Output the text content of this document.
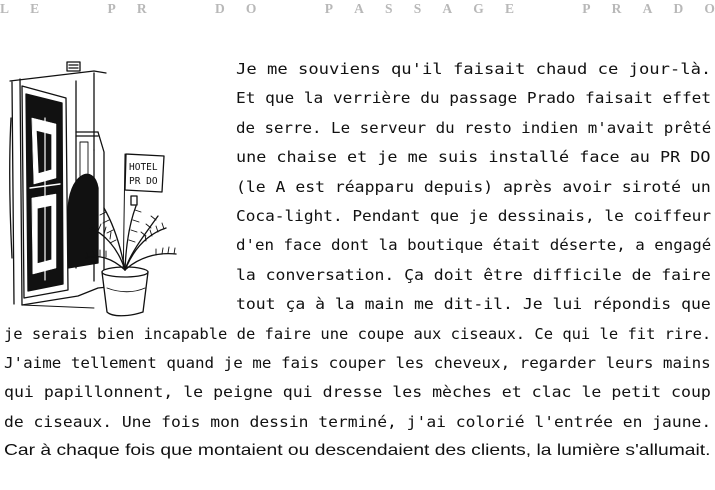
L E	P R	D O	P A S S A G E	P R A D O
HOTEL
PR DO
Je me souviens qu'il faisait chaud ce jour-là.
Et que la verrière du passage Prado faisait effet
de serre. Le serveur du resto indien m'avait prêté
une chaise et je me suis installé face au PR DO
(le A est réapparu depuis) après avoir siroté un
Coca-light. Pendant que je dessinais, le coiffeur
d'en face dont la boutique était déserte, a engagé
la conversation. Ça doit être difficile de faire
tout ça à la main me dit-il. Je lui répondis que
je serais bien incapable de faire une coupe aux ciseaux. Ce qui le fit rire.
J'aime tellement quand je me fais couper les cheveux, regarder leurs mains
qui papillonnent, le peigne qui dresse les mèches et clac le petit coup
de ciseaux. Une fois mon dessin terminé, j'ai colorié l'entrée en jaune.
Car à chaque fois que montaient ou descendaient des clients, la lumière s'allumait.
